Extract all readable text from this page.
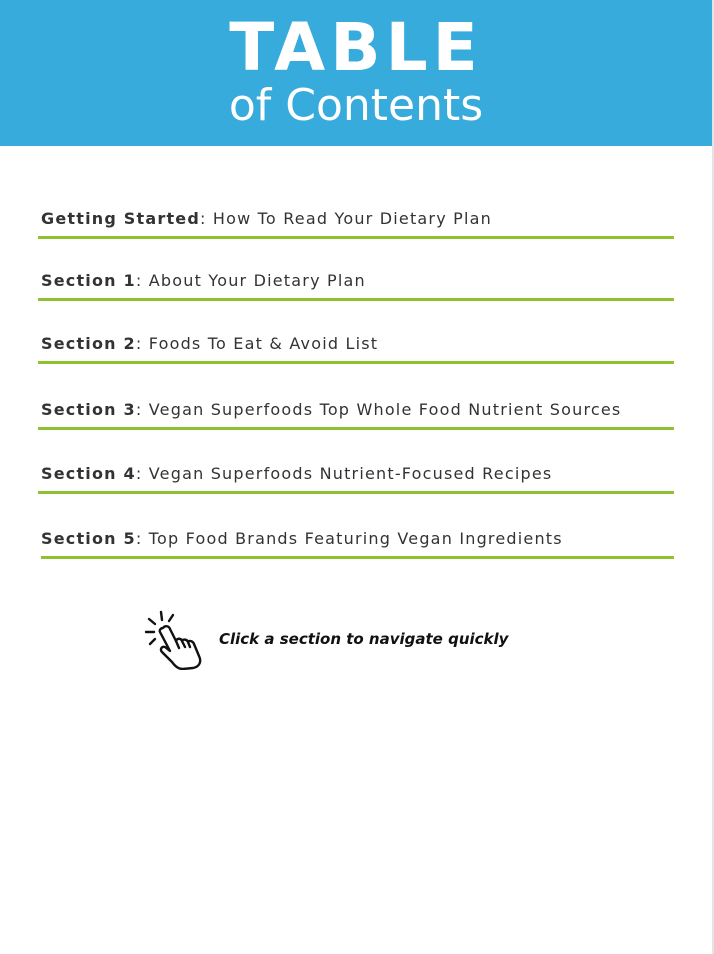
TABLE
of Contents
Getting Started: How To Read Your Dietary Plan
Section 1: About Your Dietary Plan
Section 2: Foods To Eat & Avoid List
Section 3: Vegan Superfoods Top Whole Food Nutrient Sources
Section 4: Vegan Superfoods Nutrient-Focused Recipes
Section 5: Top Food Brands Featuring Vegan Ingredients
Click a section to navigate quickly
